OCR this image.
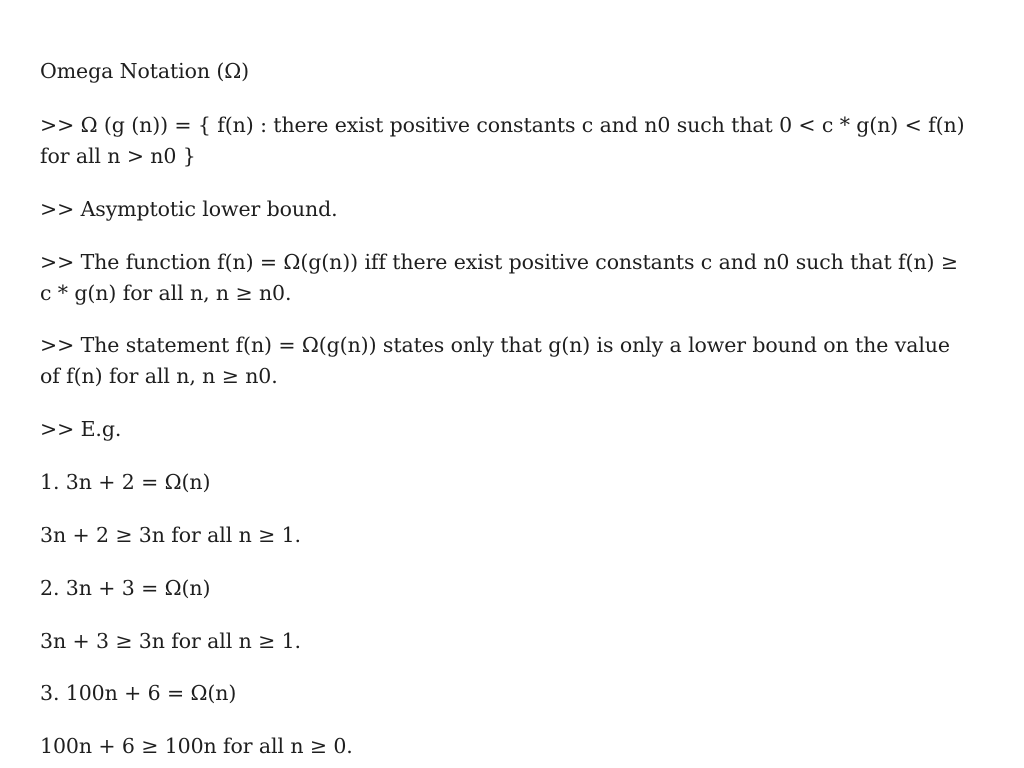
Omega Notation (Ω)
>> Ω (g (n)) = { f(n) : there exist positive constants c and n0 such that 0 < c * g(n) < f(n)
for all n > n0 }
>> Asymptotic lower bound.
>> The function f(n) = Ω(g(n)) iff there exist positive constants c and n0 such that f(n) ≥
c * g(n) for all n, n ≥ n0.
>> The statement f(n) = Ω(g(n)) states only that g(n) is only a lower bound on the value
of f(n) for all n, n ≥ n0.
>> E.g.
1. 3n + 2 = Ω(n)
3n + 2 ≥ 3n for all n ≥ 1.
2. 3n + 3 = Ω(n)
3n + 3 ≥ 3n for all n ≥ 1.
3. 100n + 6 = Ω(n)
100n + 6 ≥ 100n for all n ≥ 0.
